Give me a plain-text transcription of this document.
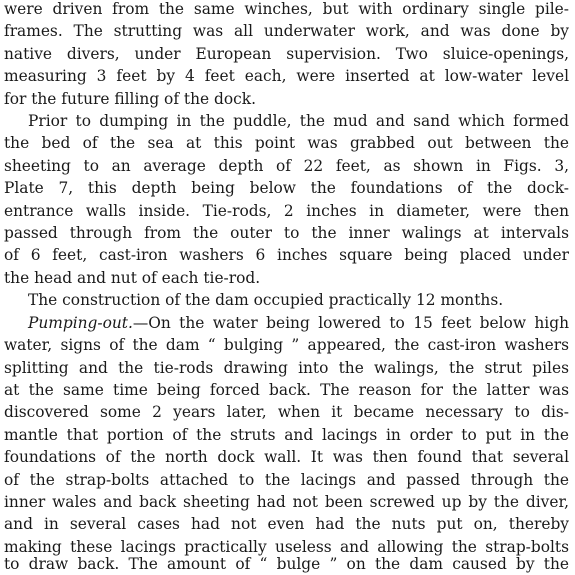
were driven from the same winches, but with ordinary single pile-
frames. The strutting was all underwater work, and was done by
native divers, under European supervision. Two sluice-openings,
measuring 3 feet by 4 feet each, were inserted at low-water level
for the future filling of the dock.
Prior to dumping in the puddle, the mud and sand which formed
the bed of the sea at this point was grabbed out between the
sheeting to an average depth of 22 feet, as shown in Figs. 3,
Plate 7, this depth being below the foundations of the dock-
entrance walls inside. Tie-rods, 2 inches in diameter, were then
passed through from the outer to the inner walings at intervals
of 6 feet, cast-iron washers 6 inches square being placed under
the head and nut of each tie-rod.
The construction of the dam occupied practically 12 months.
Pumping-out.—On the water being lowered to 15 feet below high
water, signs of the dam “ bulging ” appeared, the cast-iron washers
splitting and the tie-rods drawing into the walings, the strut piles
at the same time being forced back. The reason for the latter was
discovered some 2 years later, when it became necessary to dis-
mantle that portion of the struts and lacings in order to put in the
foundations of the north dock wall. It was then found that several
of the strap-bolts attached to the lacings and passed through the
inner wales and back sheeting had not been screwed up by the diver,
and in several cases had not even had the nuts put on, thereby
making these lacings practically useless and allowing the strap-bolts
to draw back. The amount of “ bulge ” on the dam caused by the
